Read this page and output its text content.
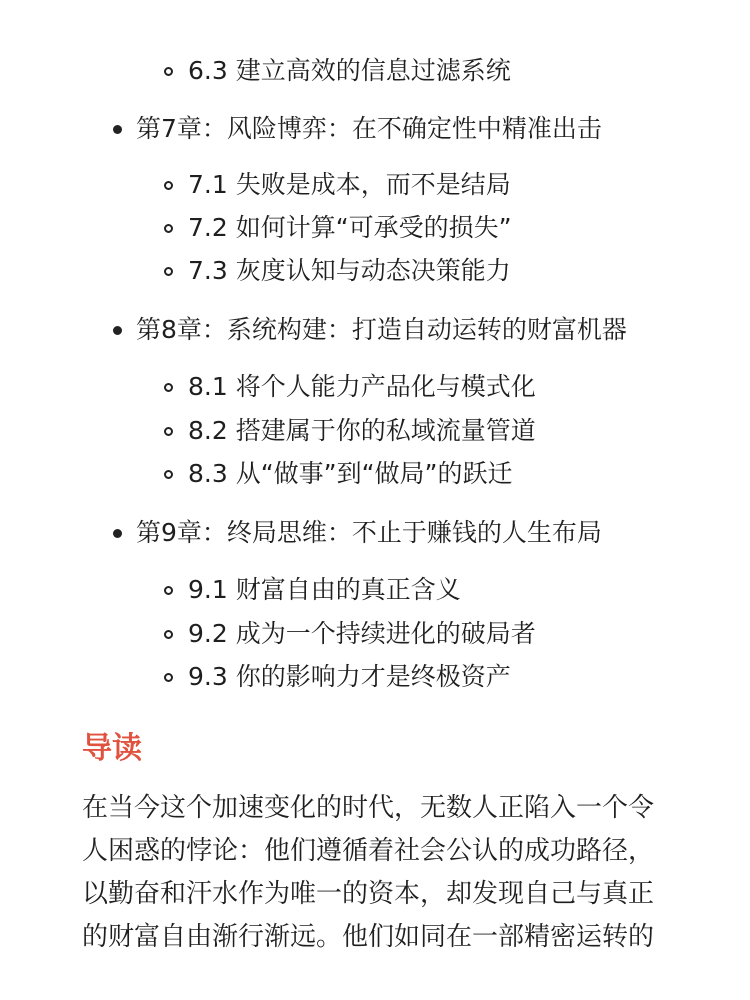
6.3 建立高效的信息过滤系统
第7章：风险博弈：在不确定性中精准出击
7.1 失败是成本，而不是结局
7.2 如何计算“可承受的损失”
7.3 灰度认知与动态决策能力
第8章：系统构建：打造自动运转的财富机器
8.1 将个人能力产品化与模式化
8.2 搭建属于你的私域流量管道
8.3 从“做事”到“做局”的跃迁
第9章：终局思维：不止于赚钱的人生布局
9.1 财富自由的真正含义
9.2 成为一个持续进化的破局者
9.3 你的影响力才是终极资产
导读
在当今这个加速变化的时代，无数人正陷入一个令
人困惑的悖论：他们遵循着社会公认的成功路径，
以勤奋和汗水作为唯一的资本，却发现自己与真正
的财富自由渐行渐远。他们如同在一部精密运转的
